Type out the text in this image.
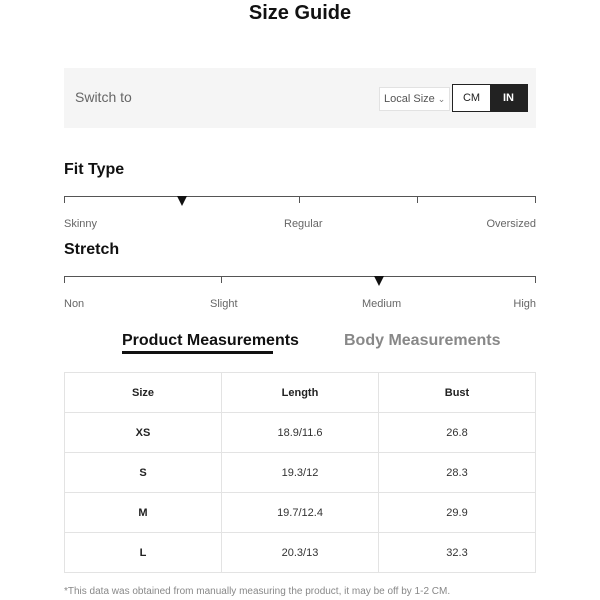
Size Guide
Switch to	Local Size ⌄	CM	IN
Fit Type
Skinny	Regular	Oversized
Stretch
Non	Slight	Medium	High
Product Measurements	Body Measurements
Size	Length	Bust
XS	18.9/11.6	26.8
S	19.3/12	28.3
M	19.7/12.4	29.9
L	20.3/13	32.3
*This data was obtained from manually measuring the product, it may be off by 1-2 CM.
